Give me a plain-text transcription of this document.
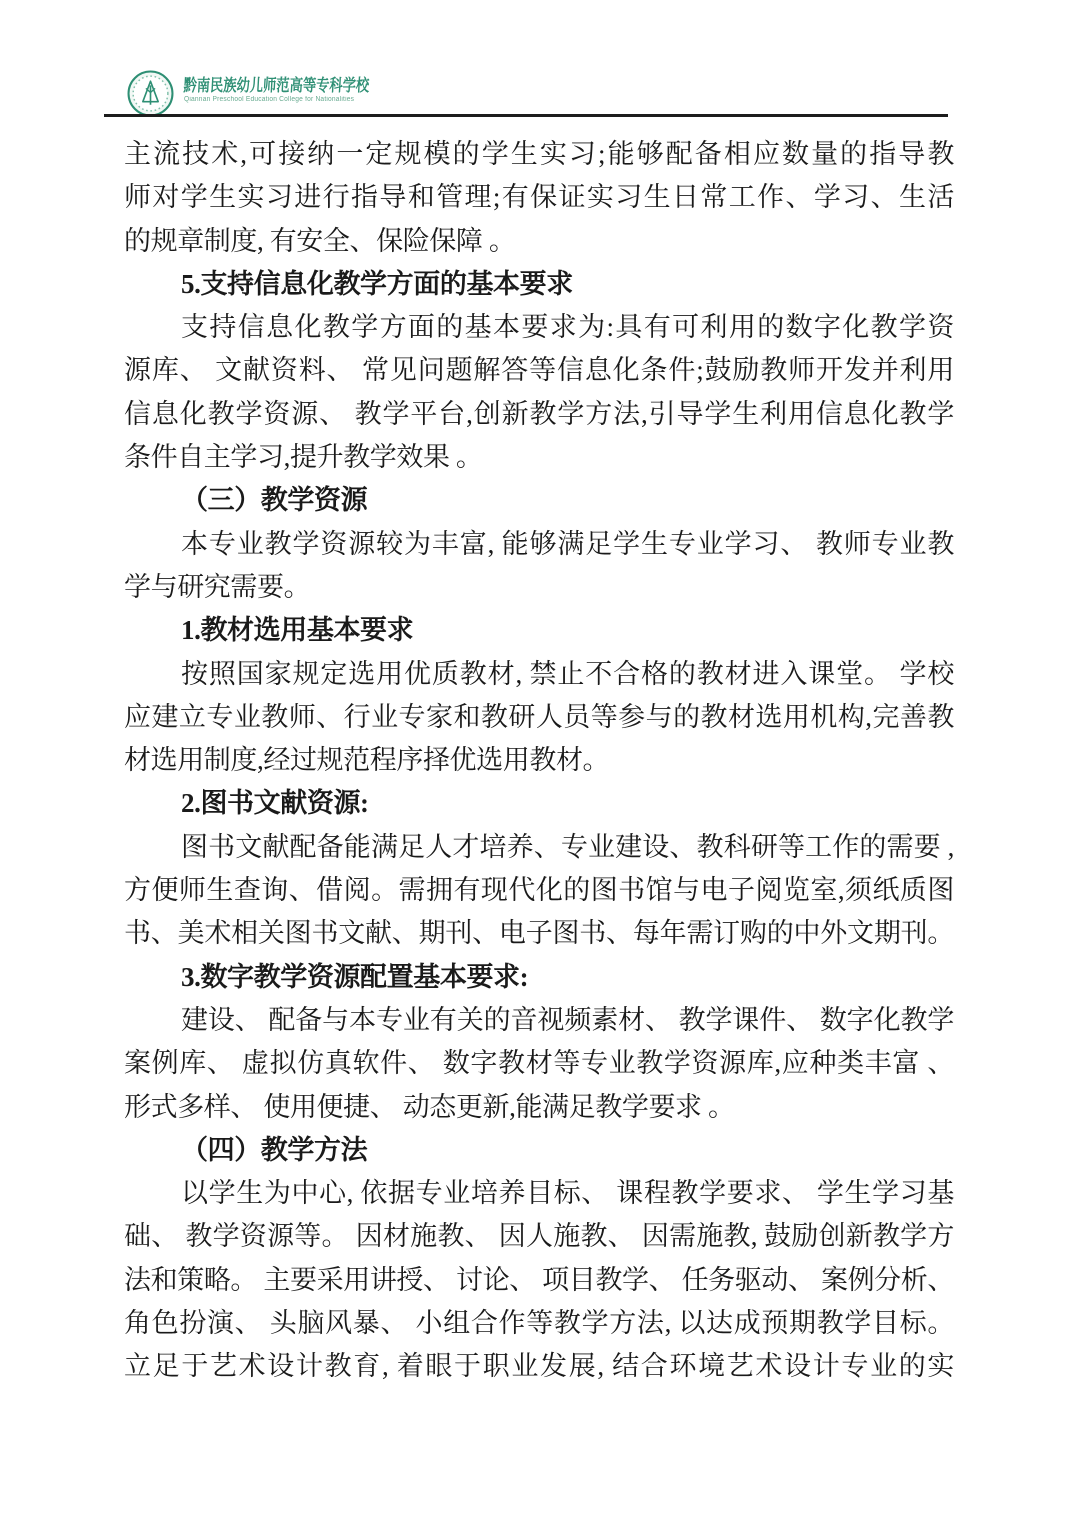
黔南民族幼儿师范高等专科学校
Qiannan Preschool Education College for Nationalities
主流技术,可接纳一定规模的学生实习;能够配备相应数量的指导教
师对学生实习进行指导和管理;有保证实习生日常工作、学习、生活
的规章制度, 有安全、保险保障 。
5.支持信息化教学方面的基本要求
支持信息化教学方面的基本要求为:具有可利用的数字化教学资
源库、 文献资料、 常见问题解答等信息化条件;鼓励教师开发并利用
信息化教学资源、 教学平台,创新教学方法,引导学生利用信息化教学
条件自主学习,提升教学效果 。
（三）教学资源
本专业教学资源较为丰富, 能够满足学生专业学习、 教师专业教
学与研究需要。
1.教材选用基本要求
按照国家规定选用优质教材, 禁止不合格的教材进入课堂。 学校
应建立专业教师、行业专家和教研人员等参与的教材选用机构,完善教
材选用制度,经过规范程序择优选用教材。
2.图书文献资源:
图书文献配备能满足人才培养、专业建设、教科研等工作的需要 ,
方便师生查询、借阅。需拥有现代化的图书馆与电子阅览室,须纸质图
书、美术相关图书文献、期刊、电子图书、每年需订购的中外文期刊。
3.数字教学资源配置基本要求:
建设、 配备与本专业有关的音视频素材、 教学课件、 数字化教学
案例库、 虚拟仿真软件、 数字教材等专业教学资源库,应种类丰富 、
形式多样、 使用便捷、 动态更新,能满足教学要求 。
（四）教学方法
以学生为中心, 依据专业培养目标、 课程教学要求、 学生学习基
础、 教学资源等。 因材施教、 因人施教、 因需施教, 鼓励创新教学方
法和策略。 主要采用讲授、 讨论、 项目教学、 任务驱动、 案例分析、
角色扮演、 头脑风暴、 小组合作等教学方法, 以达成预期教学目标。
立足于艺术设计教育, 着眼于职业发展, 结合环境艺术设计专业的实
